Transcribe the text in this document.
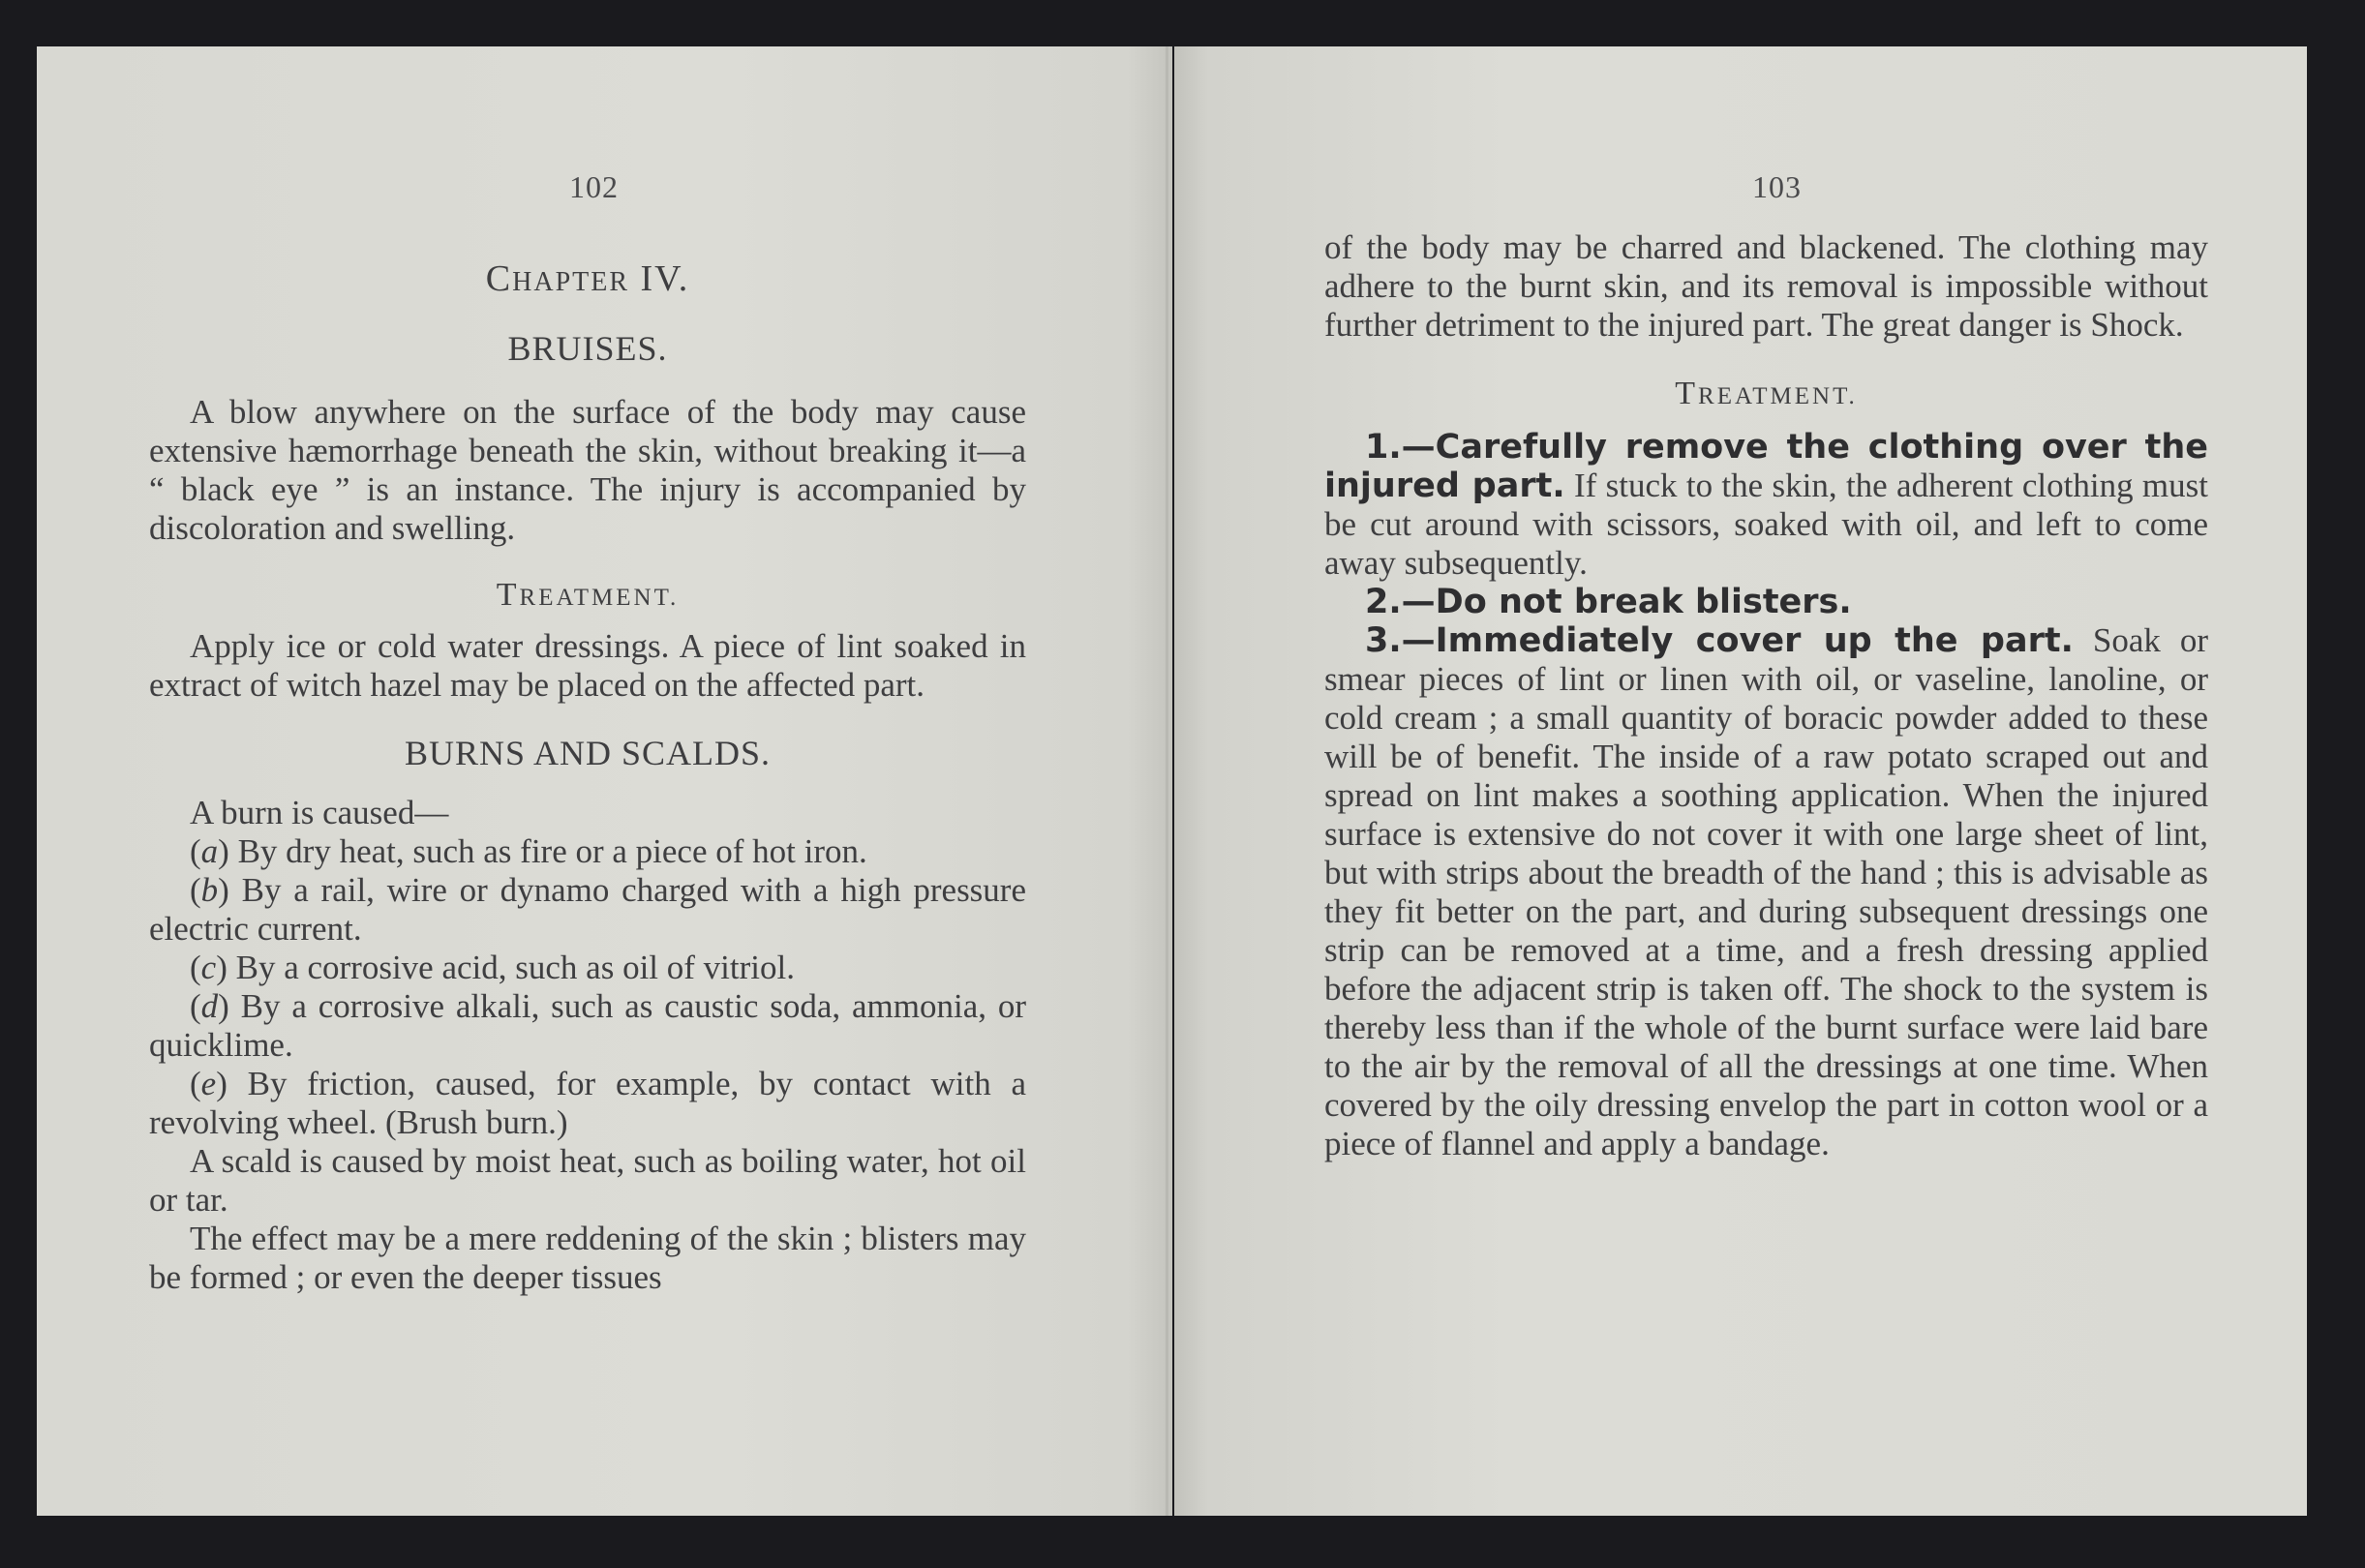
102	103

CHAPTER IV.

BRUISES.

A blow anywhere on the surface of the body may cause extensive hæmorrhage beneath the skin, without breaking it—a “ black eye ” is an instance. The injury is accompanied by discoloration and swelling.

TREATMENT.

Apply ice or cold water dressings. A piece of lint soaked in extract of witch hazel may be placed on the affected part.

BURNS AND SCALDS.

A burn is caused—

(a) By dry heat, such as fire or a piece of hot iron.

(b) By a rail, wire or dynamo charged with a high pressure electric current.

(c) By a corrosive acid, such as oil of vitriol.

(d) By a corrosive alkali, such as caustic soda, ammonia, or quicklime.

(e) By friction, caused, for example, by contact with a revolving wheel. (Brush burn.)

A scald is caused by moist heat, such as boiling water, hot oil or tar.

The effect may be a mere reddening of the skin ; blisters may be formed ; or even the deeper tissues

of the body may be charred and blackened. The clothing may adhere to the burnt skin, and its removal is impossible without further detriment to the injured part. The great danger is Shock.

TREATMENT.

1.—Carefully remove the clothing over the injured part. If stuck to the skin, the adherent clothing must be cut around with scissors, soaked with oil, and left to come away subsequently.

2.—Do not break blisters.

3.—Immediately cover up the part. Soak or smear pieces of lint or linen with oil, or vaseline, lanoline, or cold cream ; a small quantity of boracic powder added to these will be of benefit. The inside of a raw potato scraped out and spread on lint makes a soothing application. When the injured surface is extensive do not cover it with one large sheet of lint, but with strips about the breadth of the hand ; this is advisable as they fit better on the part, and during subsequent dressings one strip can be removed at a time, and a fresh dressing applied before the adjacent strip is taken off. The shock to the system is thereby less than if the whole of the burnt surface were laid bare to the air by the removal of all the dressings at one time. When covered by the oily dressing envelop the part in cotton wool or a piece of flannel and apply a bandage.
